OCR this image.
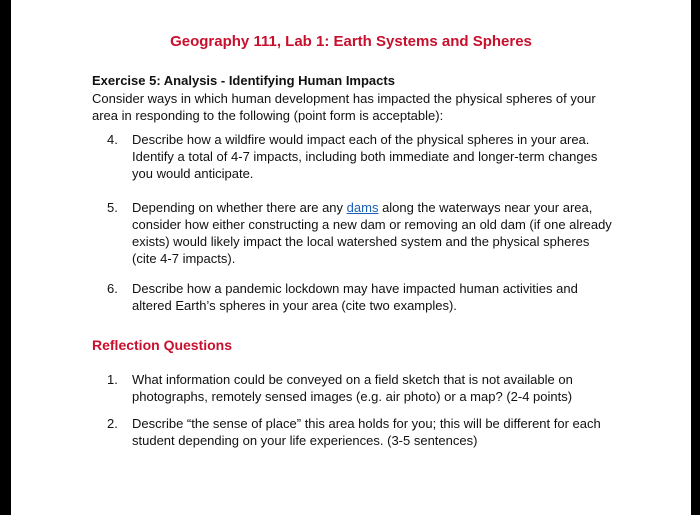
Geography 111, Lab 1: Earth Systems and Spheres
Exercise 5: Analysis - Identifying Human Impacts
Consider ways in which human development has impacted the physical spheres of your area in responding to the following (point form is acceptable):
4.	Describe how a wildfire would impact each of the physical spheres in your area. Identify a total of 4-7 impacts, including both immediate and longer-term changes you would anticipate.
5.	Depending on whether there are any dams along the waterways near your area, consider how either constructing a new dam or removing an old dam (if one already exists) would likely impact the local watershed system and the physical spheres (cite 4-7 impacts).
6.	Describe how a pandemic lockdown may have impacted human activities and altered Earth’s spheres in your area (cite two examples).
Reflection Questions
1.	What information could be conveyed on a field sketch that is not available on photographs, remotely sensed images (e.g. air photo) or a map? (2-4 points)
2.	Describe “the sense of place” this area holds for you; this will be different for each student depending on your life experiences. (3-5 sentences)
